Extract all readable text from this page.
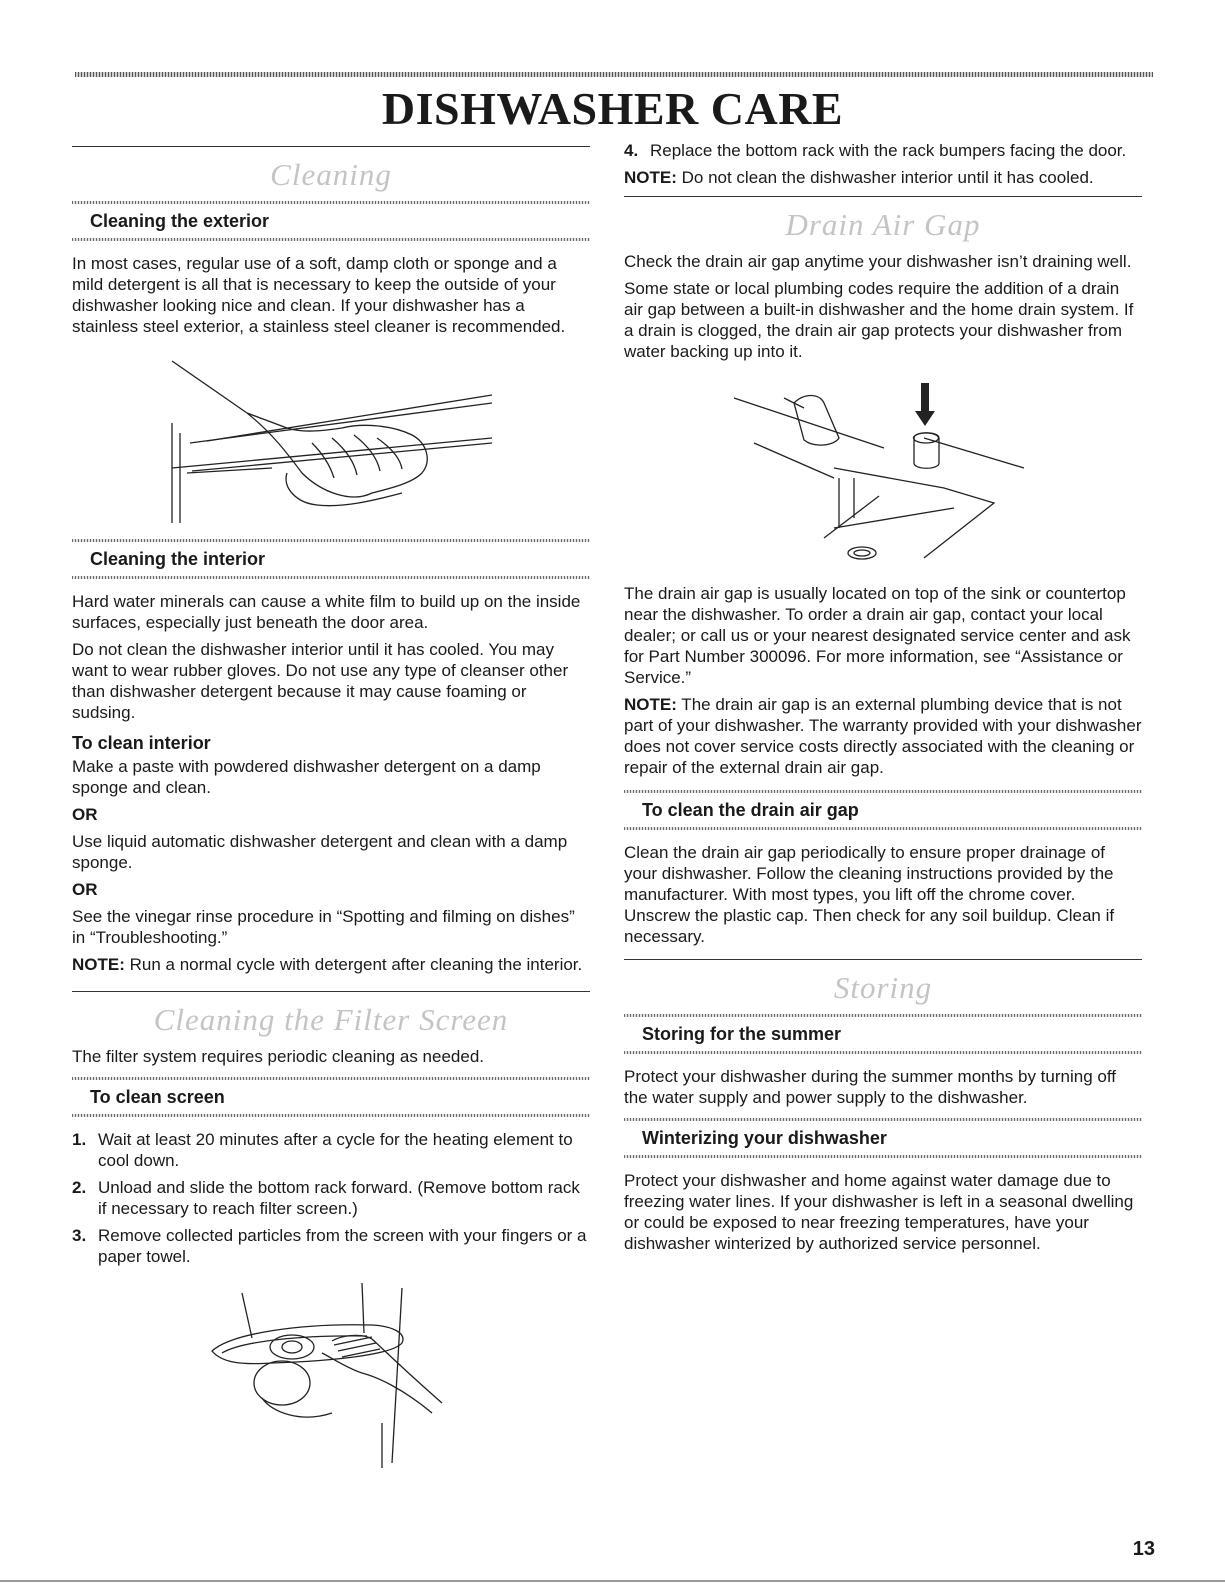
DISHWASHER CARE
Cleaning
Cleaning the exterior

In most cases, regular use of a soft, damp cloth or sponge and a mild detergent is all that is necessary to keep the outside of your dishwasher looking nice and clean. If your dishwasher has a stainless steel exterior, a stainless steel cleaner is recommended.

Cleaning the interior

Hard water minerals can cause a white film to build up on the inside surfaces, especially just beneath the door area.

Do not clean the dishwasher interior until it has cooled. You may want to wear rubber gloves. Do not use any type of cleanser other than dishwasher detergent because it may cause foaming or sudsing.

To clean interior

Make a paste with powdered dishwasher detergent on a damp sponge and clean.

OR

Use liquid automatic dishwasher detergent and clean with a damp sponge.

OR

See the vinegar rinse procedure in “Spotting and filming on dishes” in “Troubleshooting.”

NOTE: Run a normal cycle with detergent after cleaning the interior.

Cleaning the Filter Screen

The filter system requires periodic cleaning as needed.

To clean screen
1. Wait at least 20 minutes after a cycle for the heating element to cool down.
2. Unload and slide the bottom rack forward. (Remove bottom rack if necessary to reach filter screen.)
3. Remove collected particles from the screen with your fingers or a paper towel.
4. Replace the bottom rack with the rack bumpers facing the door.

NOTE: Do not clean the dishwasher interior until it has cooled.

Drain Air Gap

Check the drain air gap anytime your dishwasher isn’t draining well.

Some state or local plumbing codes require the addition of a drain air gap between a built-in dishwasher and the home drain system. If a drain is clogged, the drain air gap protects your dishwasher from water backing up into it.

The drain air gap is usually located on top of the sink or countertop near the dishwasher. To order a drain air gap, contact your local dealer; or call us or your nearest designated service center and ask for Part Number 300096. For more information, see “Assistance or Service.”

NOTE: The drain air gap is an external plumbing device that is not part of your dishwasher. The warranty provided with your dishwasher does not cover service costs directly associated with the cleaning or repair of the external drain air gap.

To clean the drain air gap

Clean the drain air gap periodically to ensure proper drainage of your dishwasher. Follow the cleaning instructions provided by the manufacturer. With most types, you lift off the chrome cover. Unscrew the plastic cap. Then check for any soil buildup. Clean if necessary.

Storing
Storing for the summer

Protect your dishwasher during the summer months by turning off the water supply and power supply to the dishwasher.

Winterizing your dishwasher

Protect your dishwasher and home against water damage due to freezing water lines. If your dishwasher is left in a seasonal dwelling or could be exposed to near freezing temperatures, have your dishwasher winterized by authorized service personnel.

13
